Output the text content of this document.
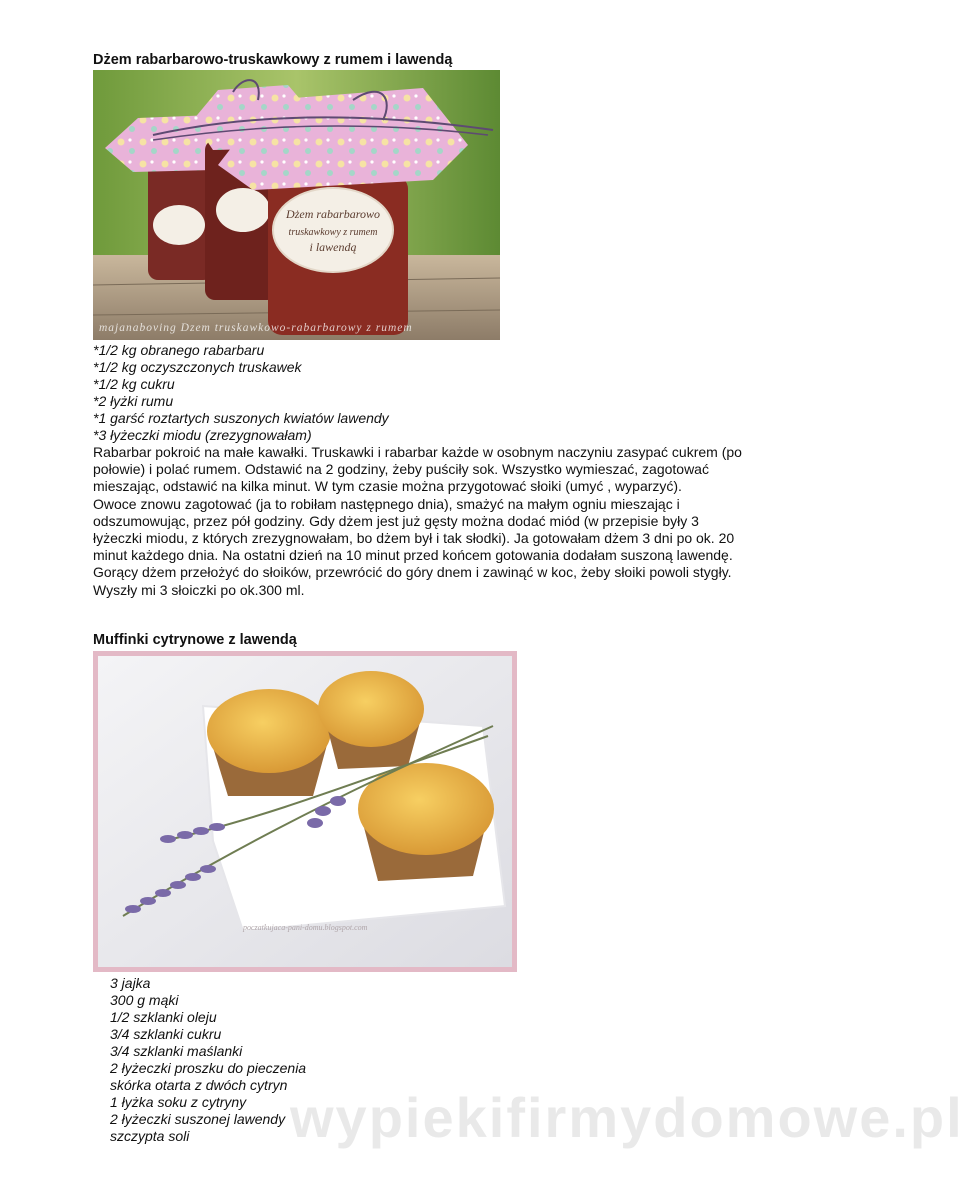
Dżem rabarbarowo-truskawkowy z rumem i lawendą
Dżem rabarbarowo
truskawkowy z rumem
i lawendą
majanaboving Dzem truskawkowo-rabarbarowy z rumem
*1/2 kg obranego rabarbaru
*1/2 kg oczyszczonych truskawek
*1/2 kg cukru
*2 łyżki rumu
*1 garść roztartych suszonych kwiatów lawendy
*3 łyżeczki miodu (zrezygnowałam)

Rabarbar pokroić na małe kawałki. Truskawki i rabarbar każde w osobnym naczyniu zasypać cukrem (po

połowie) i polać rumem. Odstawić na 2 godziny, żeby puściły sok. Wszystko wymieszać, zagotować

mieszając, odstawić na kilka minut. W tym czasie można przygotować słoiki (umyć , wyparzyć).

Owoce znowu zagotować (ja to robiłam następnego dnia), smażyć na małym ogniu mieszając i

odszumowując, przez pół godziny. Gdy dżem jest już gęsty można dodać miód (w przepisie były 3

łyżeczki miodu, z których zrezygnowałam, bo dżem był i tak słodki). Ja gotowałam dżem 3 dni po ok. 20

minut każdego dnia. Na ostatni dzień na 10 minut przed końcem gotowania dodałam suszoną lawendę.

Gorący dżem przełożyć do słoików, przewrócić do góry dnem i zawinąć w koc, żeby słoiki powoli stygły.

Wyszły mi 3 słoiczki po ok.300 ml.

Muffinki cytrynowe z lawendą
poczatkujaca-pani-domu.blogspot.com
3 jajka
300 g mąki
1/2 szklanki oleju
3/4 szklanki cukru
3/4 szklanki maślanki
2 łyżeczki proszku do pieczenia
skórka otarta z dwóch cytryn
1 łyżka soku z cytryny
2 łyżeczki suszonej lawendy
szczypta soli	wypiekifirmydomowe.pl
